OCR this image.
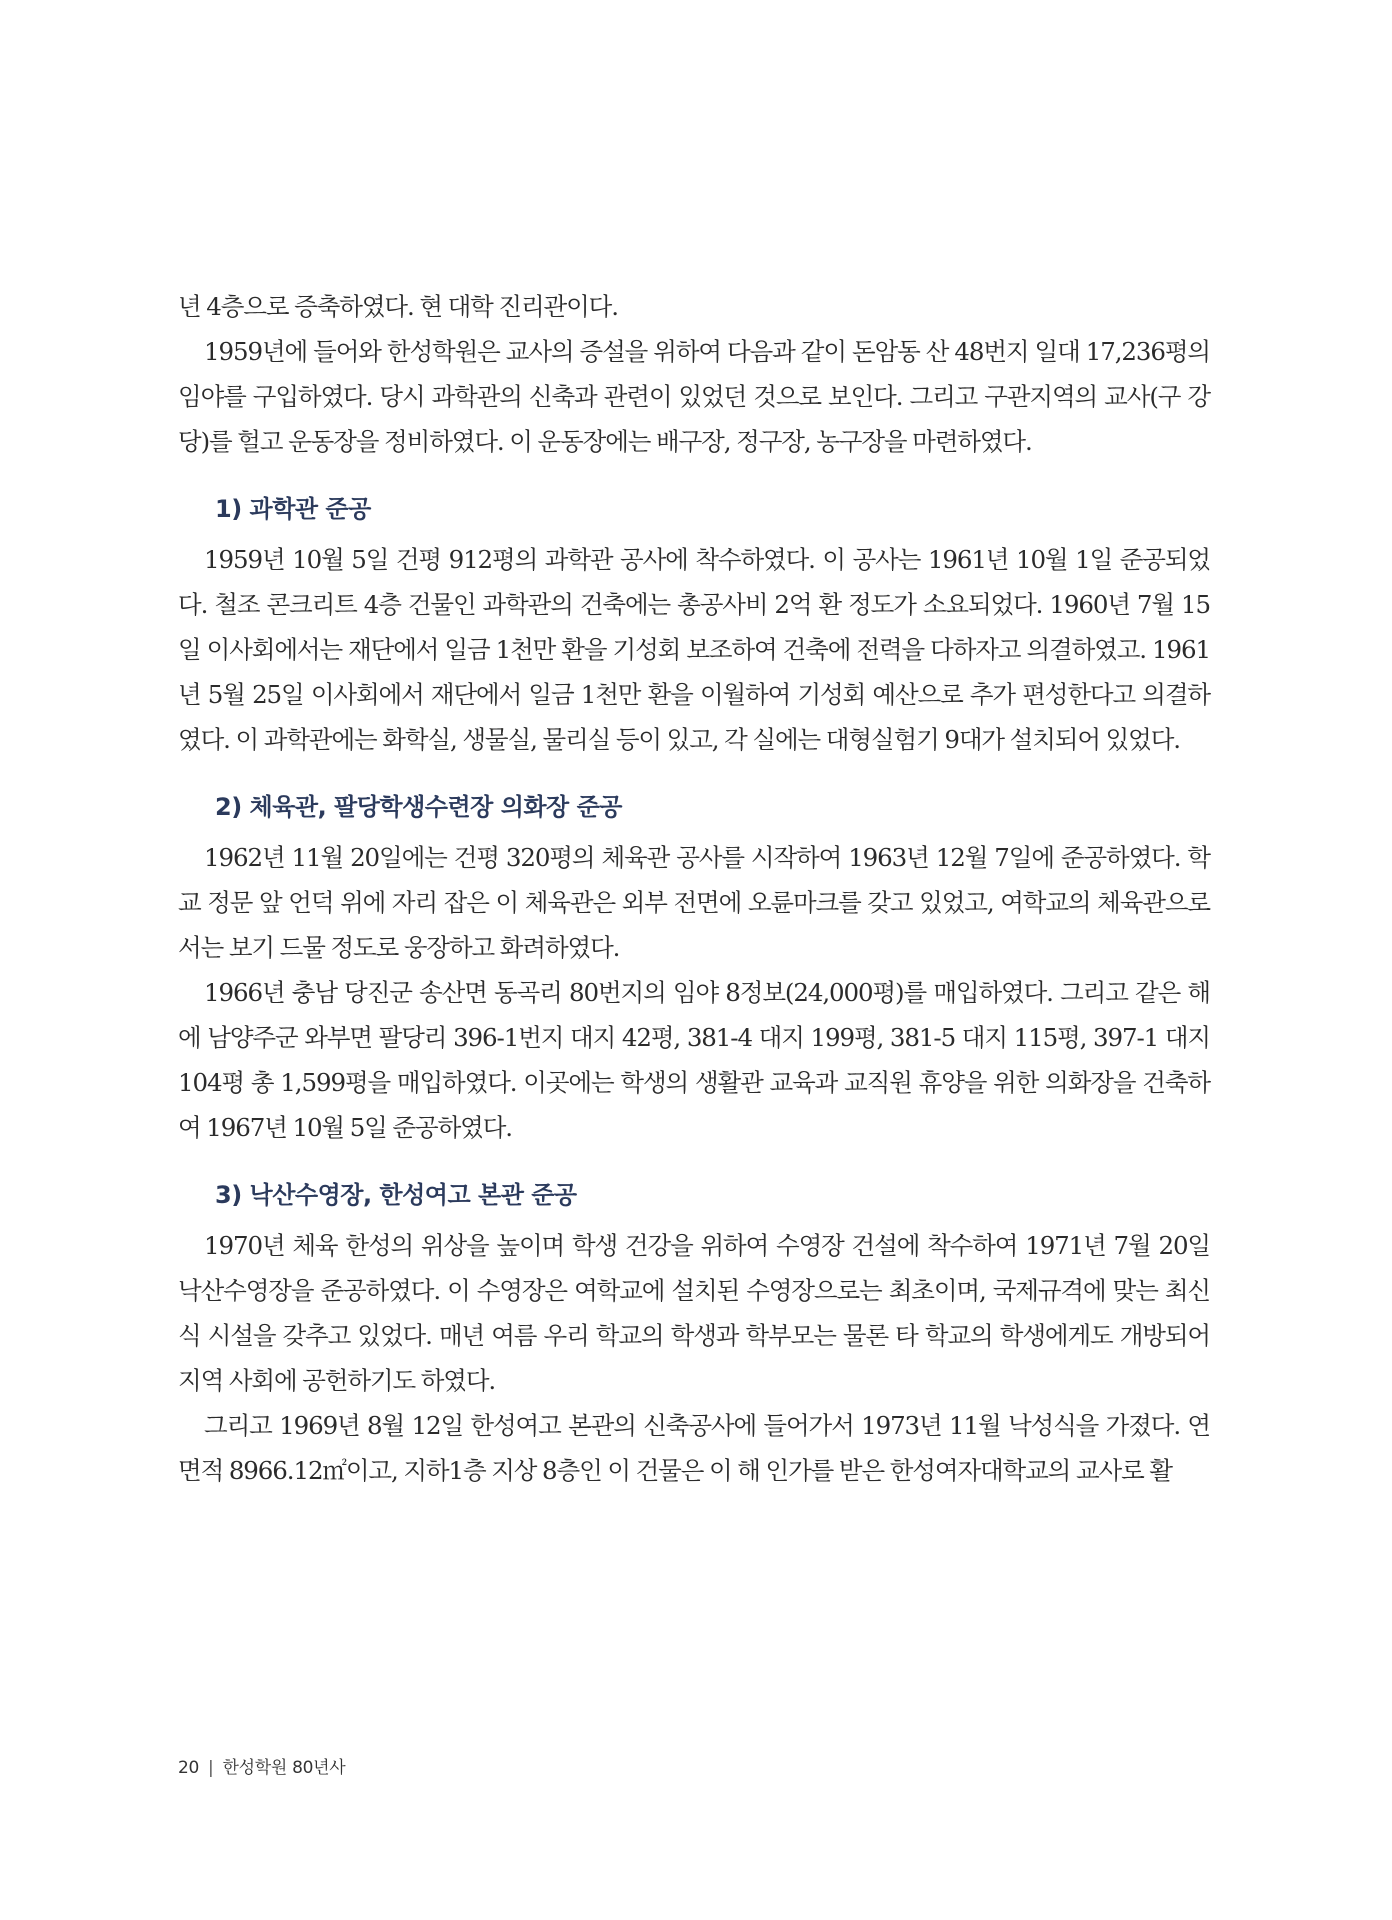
년 4층으로 증축하였다. 현 대학 진리관이다.

1959년에 들어와 한성학원은 교사의 증설을 위하여 다음과 같이 돈암동 산 48번지 일대 17,236평의 임야를 구입하였다. 당시 과학관의 신축과 관련이 있었던 것으로 보인다. 그리고 구관지역의 교사(구 강당)를 헐고 운동장을 정비하였다. 이 운동장에는 배구장, 정구장, 농구장을 마련하였다.

1) 과학관 준공

1959년 10월 5일 건평 912평의 과학관 공사에 착수하였다. 이 공사는 1961년 10월 1일 준공되었다. 철조 콘크리트 4층 건물인 과학관의 건축에는 총공사비 2억 환 정도가 소요되었다. 1960년 7월 15일 이사회에서는 재단에서 일금 1천만 환을 기성회 보조하여 건축에 전력을 다하자고 의결하였고. 1961년 5월 25일 이사회에서 재단에서 일금 1천만 환을 이월하여 기성회 예산으로 추가 편성한다고 의결하였다. 이 과학관에는 화학실, 생물실, 물리실 등이 있고, 각 실에는 대형실험기 9대가 설치되어 있었다.

2) 체육관, 팔당학생수련장 의화장 준공

1962년 11월 20일에는 건평 320평의 체육관 공사를 시작하여 1963년 12월 7일에 준공하였다. 학교 정문 앞 언덕 위에 자리 잡은 이 체육관은 외부 전면에 오륜마크를 갖고 있었고, 여학교의 체육관으로서는 보기 드물 정도로 웅장하고 화려하였다.

1966년 충남 당진군 송산면 동곡리 80번지의 임야 8정보(24,000평)를 매입하였다. 그리고 같은 해에 남양주군 와부면 팔당리 396-1번지 대지 42평, 381-4 대지 199평, 381-5 대지 115평, 397-1 대지 104평 총 1,599평을 매입하였다. 이곳에는 학생의 생활관 교육과 교직원 휴양을 위한 의화장을 건축하여 1967년 10월 5일 준공하였다.

3) 낙산수영장, 한성여고 본관 준공

1970년 체육 한성의 위상을 높이며 학생 건강을 위하여 수영장 건설에 착수하여 1971년 7월 20일 낙산수영장을 준공하였다. 이 수영장은 여학교에 설치된 수영장으로는 최초이며, 국제규격에 맞는 최신식 시설을 갖추고 있었다. 매년 여름 우리 학교의 학생과 학부모는 물론 타 학교의 학생에게도 개방되어 지역 사회에 공헌하기도 하였다.

그리고 1969년 8월 12일 한성여고 본관의 신축공사에 들어가서 1973년 11월 낙성식을 가졌다. 연면적 8966.12㎡이고, 지하1층 지상 8층인 이 건물은 이 해 인가를 받은 한성여자대학교의 교사로 활

20 | 한성학원 80년사
